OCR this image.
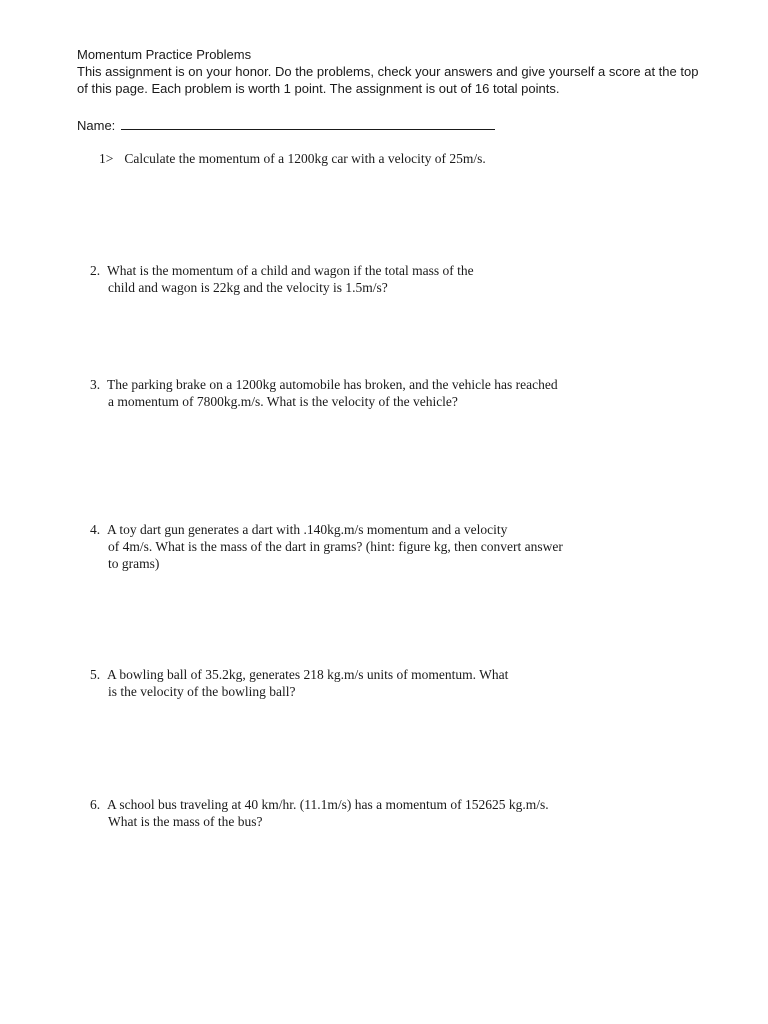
Momentum Practice Problems
This assignment is on your honor. Do the problems, check your answers and give yourself a score at the top
of this page. Each problem is worth 1 point. The assignment is out of 16 total points.
Name:
1> Calculate the momentum of a 1200kg car with a velocity of 25m/s.
2. What is the momentum of a child and wagon if the total mass of the
child and wagon is 22kg and the velocity is 1.5m/s?
3. The parking brake on a 1200kg automobile has broken, and the vehicle has reached
a momentum of 7800kg.m/s. What is the velocity of the vehicle?
4. A toy dart gun generates a dart with .140kg.m/s momentum and a velocity
of 4m/s. What is the mass of the dart in grams? (hint: figure kg, then convert answer
to grams)
5. A bowling ball of 35.2kg, generates 218 kg.m/s units of momentum. What
is the velocity of the bowling ball?
6. A school bus traveling at 40 km/hr. (11.1m/s) has a momentum of 152625 kg.m/s.
What is the mass of the bus?
